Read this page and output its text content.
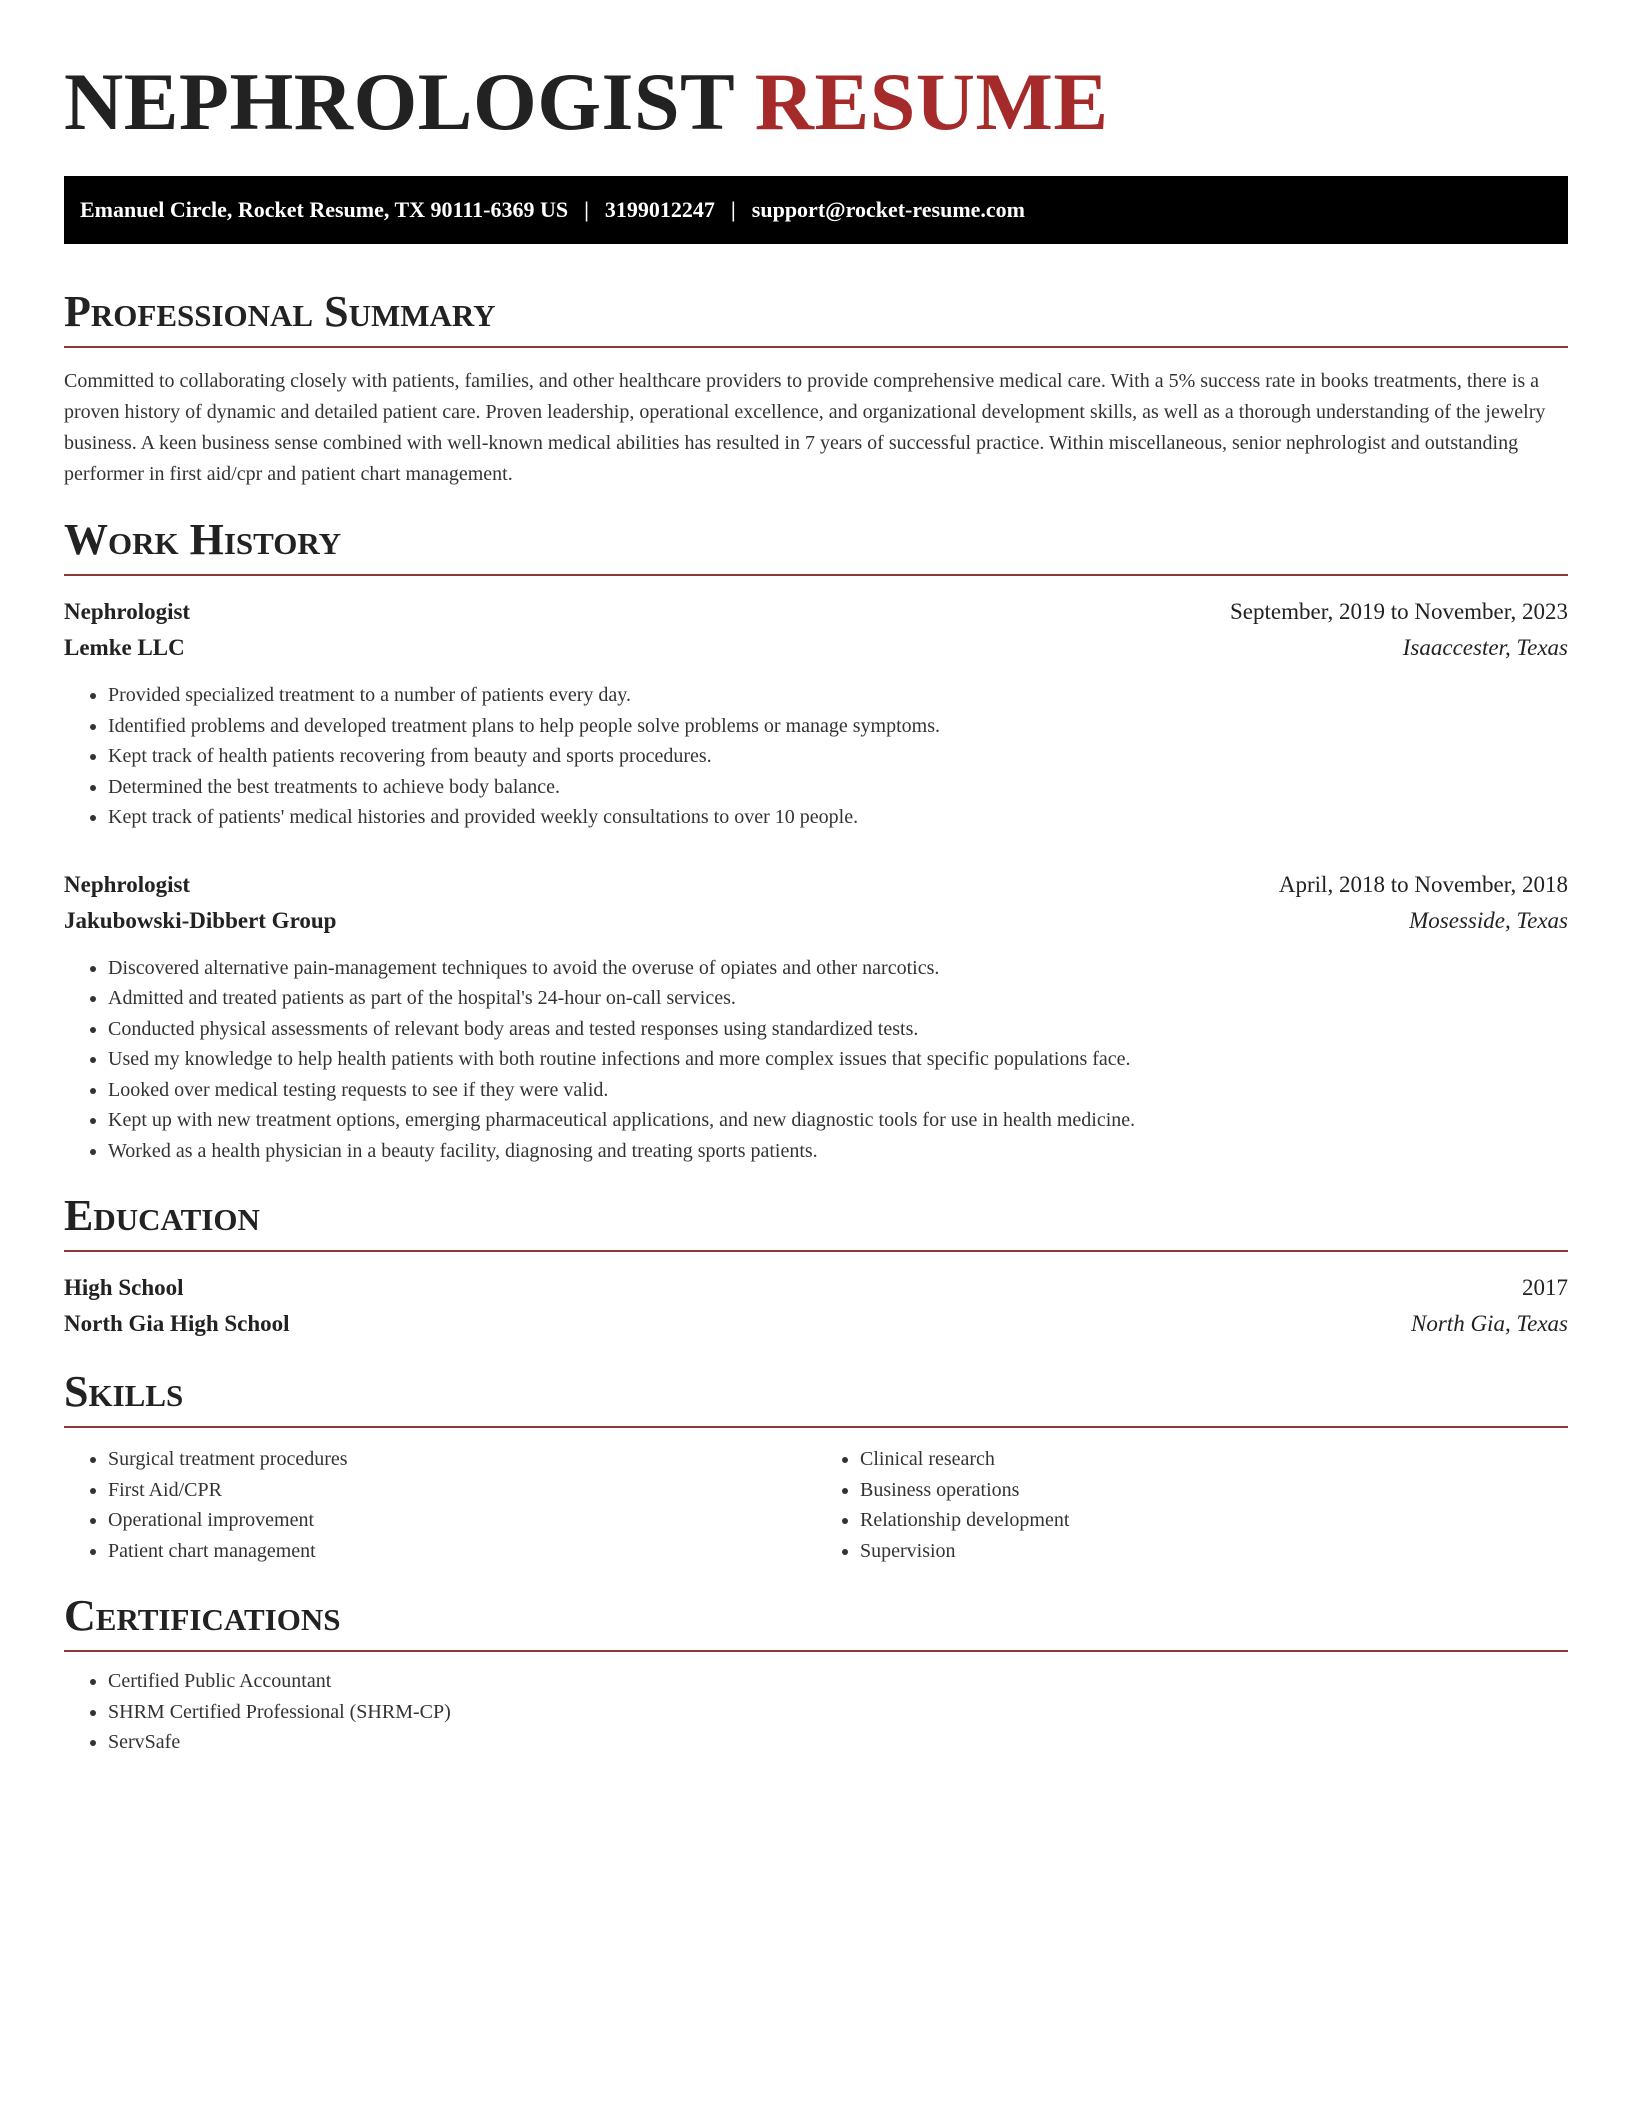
NEPHROLOGIST RESUME
Emanuel Circle, Rocket Resume, TX 90111-6369 US | 3199012247 | support@rocket-resume.com
Professional Summary

Committed to collaborating closely with patients, families, and other healthcare providers to provide comprehensive medical care. With a 5% success rate in books treatments, there is a proven history of dynamic and detailed patient care. Proven leadership, operational excellence, and organizational development skills, as well as a thorough understanding of the jewelry business. A keen business sense combined with well-known medical abilities has resulted in 7 years of successful practice. Within miscellaneous, senior nephrologist and outstanding performer in first aid/cpr and patient chart management.

Work History
Nephrologist	September, 2019 to November, 2023
Lemke LLC	Isaaccester, Texas
• Provided specialized treatment to a number of patients every day.
• Identified problems and developed treatment plans to help people solve problems or manage symptoms.
• Kept track of health patients recovering from beauty and sports procedures.
• Determined the best treatments to achieve body balance.
• Kept track of patients' medical histories and provided weekly consultations to over 10 people.
Nephrologist	April, 2018 to November, 2018
Jakubowski-Dibbert Group	Mosesside, Texas
• Discovered alternative pain-management techniques to avoid the overuse of opiates and other narcotics.
• Admitted and treated patients as part of the hospital's 24-hour on-call services.
• Conducted physical assessments of relevant body areas and tested responses using standardized tests.
• Used my knowledge to help health patients with both routine infections and more complex issues that specific populations face.
• Looked over medical testing requests to see if they were valid.
• Kept up with new treatment options, emerging pharmaceutical applications, and new diagnostic tools for use in health medicine.
• Worked as a health physician in a beauty facility, diagnosing and treating sports patients.
Education
High School	2017
North Gia High School	North Gia, Texas
Skills
• Surgical treatment procedures
• First Aid/CPR
• Operational improvement
• Patient chart management
• Clinical research
• Business operations
• Relationship development
• Supervision
Certifications
• Certified Public Accountant
• SHRM Certified Professional (SHRM-CP)
• ServSafe
